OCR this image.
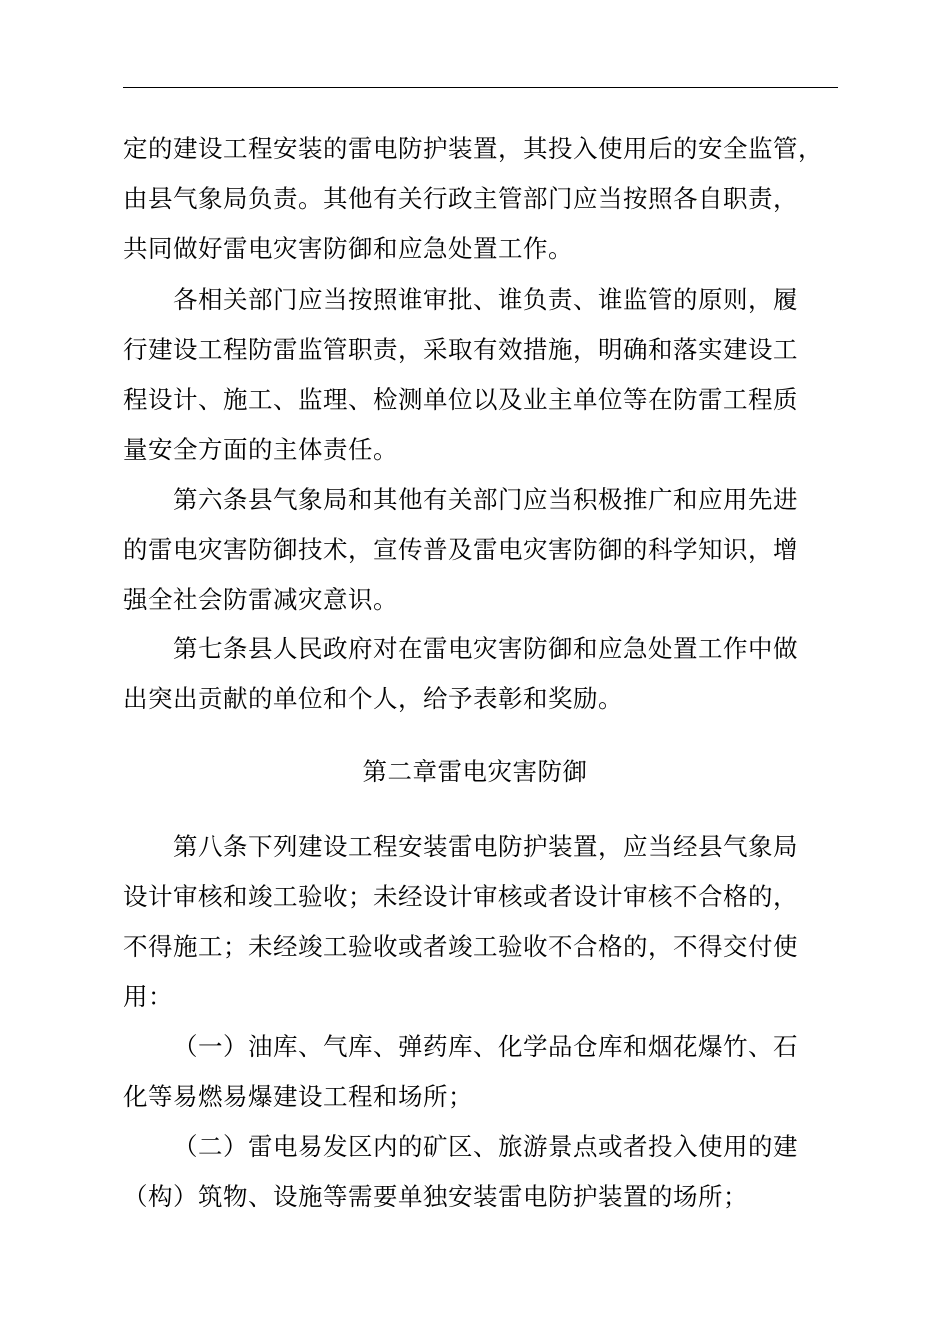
定的建设工程安装的雷电防护装置，其投入使用后的安全监管，
由县气象局负责。其他有关行政主管部门应当按照各自职责，
共同做好雷电灾害防御和应急处置工作。
各相关部门应当按照谁审批、谁负责、谁监管的原则，履
行建设工程防雷监管职责，采取有效措施，明确和落实建设工
程设计、施工、监理、检测单位以及业主单位等在防雷工程质
量安全方面的主体责任。
第六条县气象局和其他有关部门应当积极推广和应用先进
的雷电灾害防御技术，宣传普及雷电灾害防御的科学知识，增
强全社会防雷减灾意识。
第七条县人民政府对在雷电灾害防御和应急处置工作中做
出突出贡献的单位和个人，给予表彰和奖励。
第二章雷电灾害防御
第八条下列建设工程安装雷电防护装置，应当经县气象局
设计审核和竣工验收；未经设计审核或者设计审核不合格的，
不得施工；未经竣工验收或者竣工验收不合格的，不得交付使
用：
（一）油库、气库、弹药库、化学品仓库和烟花爆竹、石
化等易燃易爆建设工程和场所；
（二）雷电易发区内的矿区、旅游景点或者投入使用的建
（构）筑物、设施等需要单独安装雷电防护装置的场所；
